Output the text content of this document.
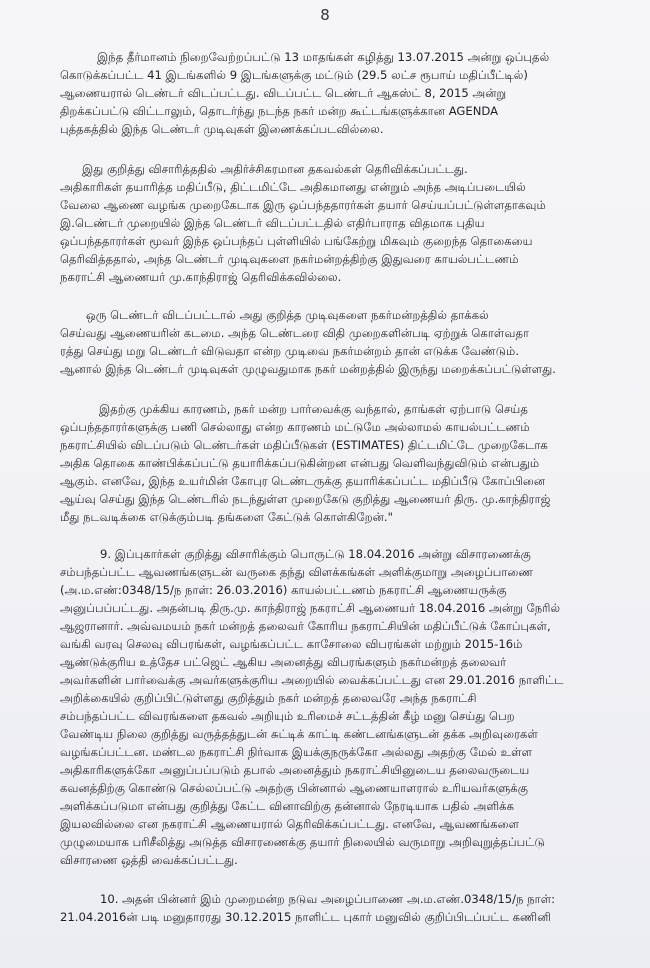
8
இந்த தீர்மானம் நிறைவேற்றப்பட்டு 13 மாதங்கள் கழித்து 13.07.2015 அன்று ஒப்புதல்
கொடுக்கப்பட்ட 41 இடங்களில் 9 இடங்களுக்கு மட்டும் (29.5 லட்ச ரூபாய் மதிப்பீட்டில்)
ஆணையரால் டெண்டர் விடப்பட்டது. விடப்பட்ட டெண்டர் ஆகஸ்ட் 8, 2015 அன்று
திறக்கப்பட்டு விட்டாலும், தொடர்ந்து நடந்த நகர் மன்ற கூட்டங்களுக்கான AGENDA
புத்தகத்தில் இந்த டெண்டர் முடிவுகள் இணைக்கப்படவில்லை.
இது குறித்து விசாரித்ததில் அதிர்ச்சிகரமான தகவல்கள் தெரிவிக்கப்பட்டது.
அதிகாரிகள் தயாரித்த மதிப்பீடு, திட்டமிட்டே அதிகமானது என்றும் அந்த அடிப்படையில்
வேலை ஆணை வழங்க முறைகேடாக இரு ஒப்பந்ததாரர்கள் தயார் செய்யப்பட்டுள்ளதாகவும்
இ.டெண்டர் முறையில் இந்த டெண்டர் விடப்பட்டதில் எதிர்பாராத விதமாக புதிய
ஒப்பந்ததாரர்கள் மூவர் இந்த ஒப்பந்தப் புள்ளியில் பங்கேற்று மிகவும் குறைந்த தொகையை
தெரிவித்ததால், அந்த டெண்டர் முடிவுகளை நகர்மன்றத்திற்கு இதுவரை காயல்பட்டணம்
நகராட்சி ஆணையர் மு.காந்திராஜ் தெரிவிக்கவில்லை.
ஒரு டெண்டர் விடப்பட்டால் அது குறித்த முடிவுகளை நகர்மன்றத்தில் தாக்கல்
செய்வது ஆணையரின் கடமை. அந்த டெண்டரை விதி முறைகளின்படி ஏற்றுக் கொள்வதா
ரத்து செய்து மறு டெண்டர் விடுவதா என்ற முடிவை நகர்மன்றம் தான் எடுக்க வேண்டும்.
ஆனால் இந்த டெண்டர் முடிவுகள் முழுவதுமாக நகர் மன்றத்தில் இருந்து மறைக்கப்பட்டுள்ளது.
இதற்கு முக்கிய காரணம், நகர் மன்ற பார்வைக்கு வந்தால், தாங்கள் ஏற்பாடு செய்த
ஒப்பந்ததாரர்களுக்கு பணி செல்லாது என்ற காரணம் மட்டுமே அல்லாமல் காயல்பட்டணம்
நகராட்சியில் விடப்படும் டெண்டர்கள் மதிப்பீடுகள் (ESTIMATES) திட்டமிட்டே முறைகேடாக
அதிக தொகை காண்பிக்கப்பட்டு தயாரிக்கப்படுகின்றன என்பது வெளிவந்துவிடும் என்பதும்
ஆகும். எனவே, இந்த உயர்மின் கோபுர டெண்டருக்கு தயாரிக்கப்பட்ட மதிப்பீடு கோப்பினை
ஆய்வு செய்து இந்த டெண்டரில் நடந்துள்ள முறைகேடு குறித்து ஆணையர் திரு. மு.காந்திராஜ்
மீது நடவடிக்கை எடுக்கும்படி தங்களை கேட்டுக் கொள்கிறேன்."
9. இப்புகார்கள் குறித்து விசாரிக்கும் பொருட்டு 18.04.2016 அன்று விசாரணைக்கு
சம்பந்தப்பட்ட ஆவணங்களுடன் வருகை தந்து விளக்கங்கள் அளிக்குமாறு அழைப்பாணை
(அ.ம.எண்:0348/15/ந நாள்: 26.03.2016) காயல்பட்டணம் நகராட்சி ஆணையருக்கு
அனுப்பப்பட்டது. அதன்படி திரு.மு. காந்திராஜ் நகராட்சி ஆணையர் 18.04.2016 அன்று நேரில்
ஆஜரானார். அவ்வமயம் நகர் மன்றத் தலைவர் கோரிய நகராட்சியின் மதிப்பீட்டுக் கோப்புகள்,
வங்கி வரவு செலவு விபரங்கள், வழங்கப்பட்ட காசோலை விபரங்கள் மற்றும் 2015-16ம்
ஆண்டுக்குரிய உத்தேச பட்ஜெட் ஆகிய அனைத்து விபரங்களும் நகர்மன்றத் தலைவர்
அவர்களின் பார்வைக்கு அவர்களுக்குரிய அறையில் வைக்கப்பட்டது என 29.01.2016 நாளிட்ட
அறிக்கையில் குறிப்பிட்டுள்ளது குறித்தும் நகர் மன்றத் தலைவரே அந்த நகராட்சி
சம்பந்தப்பட்ட விவரங்களை தகவல் அறியும் உரிமைச் சட்டத்தின் கீழ் மனு செய்து பெற
வேண்டிய நிலை குறித்து வருத்தத்துடன் சுட்டிக் காட்டி கண்டனங்களுடன் தக்க அறிவுரைகள்
வழங்கப்பட்டன. மண்டல நகராட்சி நிர்வாக இயக்குநருக்கோ அல்லது அதற்கு மேல் உள்ள
அதிகாரிகளுக்கோ அனுப்பப்படும் தபால் அனைத்தும் நகராட்சியினுடைய தலைவருடைய
கவனத்திற்கு கொண்டு செல்லப்பட்டு அதற்கு பின்னால் ஆணையாளரால் உரியவர்களுக்கு
அளிக்கப்படுமா என்பது குறித்து கேட்ட வினாவிற்கு தன்னால் நேரடியாக பதில் அளிக்க
இயலவில்லை என நகராட்சி ஆணையரால் தெரிவிக்கப்பட்டது. எனவே, ஆவணங்களை
முழுமையாக பரிசீலித்து அடுத்த விசாரணைக்கு தயார் நிலையில் வருமாறு அறிவுறுத்தப்பட்டு
விசாரணை ஒத்தி வைக்கப்பட்டது.
10. அதன் பின்னர் இம் முறைமன்ற நடுவ அழைப்பாணை அ.ம.எண்.0348/15/ந நாள்:
21.04.2016ன் படி மனுதாரரது 30.12.2015 நாளிட்ட புகார் மனுவில் குறிப்பிடப்பட்ட கணினி
